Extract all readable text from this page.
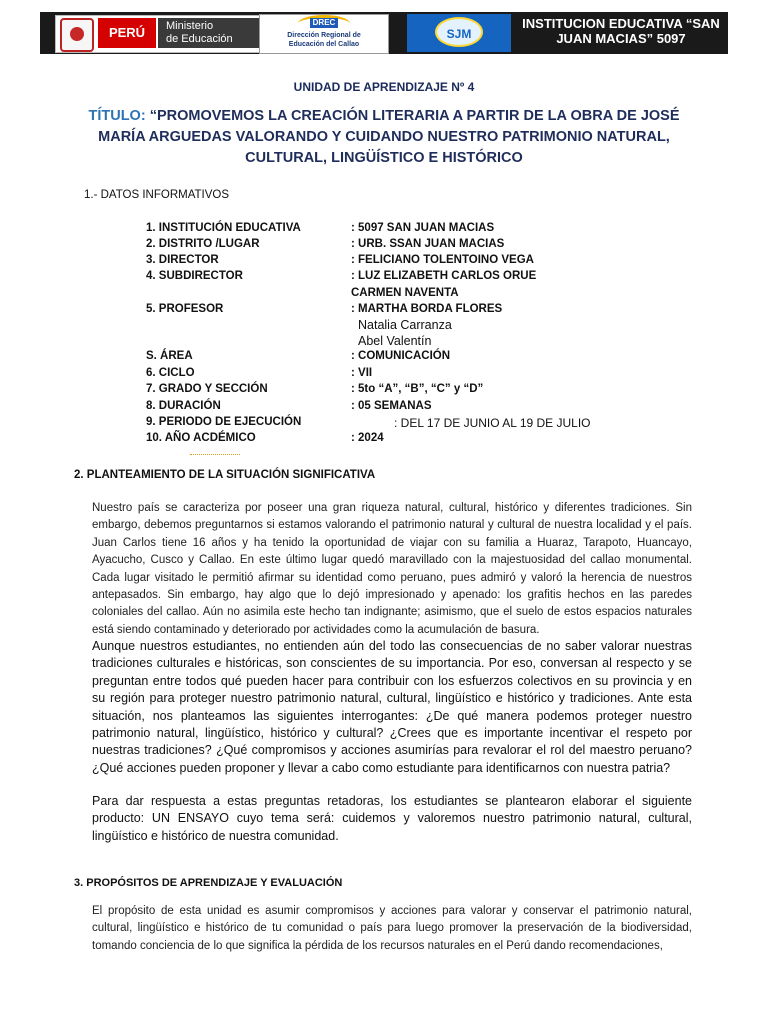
PERÚ	Ministerio
de Educación
DREC
Dirección Regional de
Educación del Callao
SJM
INSTITUCION EDUCATIVA “SAN
JUAN MACIAS” 5097
UNIDAD DE APRENDIZAJE Nº 4
TÍTULO: “PROMOVEMOS LA CREACIÓN LITERARIA A PARTIR DE LA OBRA DE JOSÉ MARÍA ARGUEDAS VALORANDO Y CUIDANDO NUESTRO PATRIMONIO NATURAL, CULTURAL, LINGÜÍSTICO E HISTÓRICO
1.- DATOS INFORMATIVOS
1. INSTITUCIÓN EDUCATIVA	: 5097 SAN JUAN MACIAS
2. DISTRITO /LUGAR	: URB. SSAN JUAN MACIAS
3. DIRECTOR	: FELICIANO TOLENTOINO VEGA
4. SUBDIRECTOR	: LUZ ELIZABETH CARLOS ORUE
CARMEN NAVENTA
5. PROFESOR	: MARTHA BORDA FLORES
Natalia Carranza
Abel Valentín
S. ÁREA	: COMUNICACIÓN
6. CICLO	: VII
7. GRADO Y SECCIÓN	: 5to “A”, “B”, “C” y “D”
8. DURACIÓN	: 05 SEMANAS
9. PERIODO DE EJECUCIÓN	: DEL 17 DE JUNIO AL 19 DE JULIO
10. AÑO ACDÉMICO	: 2024
2. PLANTEAMIENTO DE LA SITUACIÓN SIGNIFICATIVA
Nuestro país se caracteriza por poseer una gran riqueza natural, cultural, histórico y diferentes tradiciones. Sin embargo, debemos preguntarnos si estamos valorando el patrimonio natural y cultural de nuestra localidad y el país. Juan Carlos tiene 16 años y ha tenido la oportunidad de viajar con su familia a Huaraz, Tarapoto, Huancayo, Ayacucho, Cusco y Callao. En este último lugar quedó maravillado con la majestuosidad del callao monumental. Cada lugar visitado le permitió afirmar su identidad como peruano, pues admiró y valoró la herencia de nuestros antepasados. Sin embargo, hay algo que lo dejó impresionado y apenado: los grafitis hechos en las paredes coloniales del callao. Aún no asimila este hecho tan indignante; asimismo, que el suelo de estos espacios naturales está siendo contaminado y deteriorado por actividades como la acumulación de basura.
Aunque nuestros estudiantes, no entienden aún del todo las consecuencias de no saber valorar nuestras tradiciones culturales e históricas, son conscientes de su importancia. Por eso, conversan al respecto y se preguntan entre todos qué pueden hacer para contribuir con los esfuerzos colectivos en su provincia y en su región para proteger nuestro patrimonio natural, cultural, lingüístico e histórico y tradiciones. Ante esta situación, nos planteamos las siguientes interrogantes: ¿De qué manera podemos proteger nuestro patrimonio natural, lingüístico, histórico y cultural? ¿Crees que es importante incentivar el respeto por nuestras tradiciones? ¿Qué compromisos y acciones asumirías para revalorar el rol del maestro peruano? ¿Qué acciones pueden proponer y llevar a cabo como estudiante para identificarnos con nuestra patria?
Para dar respuesta a estas preguntas retadoras, los estudiantes se plantearon elaborar el siguiente producto: UN ENSAYO cuyo tema será: cuidemos y valoremos nuestro patrimonio natural, cultural, lingüístico e histórico de nuestra comunidad.
3. PROPÓSITOS DE APRENDIZAJE Y EVALUACIÓN
El propósito de esta unidad es asumir compromisos y acciones para valorar y conservar el patrimonio natural, cultural, lingüístico e histórico de tu comunidad o país para luego promover la preservación de la biodiversidad, tomando conciencia de lo que significa la pérdida de los recursos naturales en el Perú dando recomendaciones,
